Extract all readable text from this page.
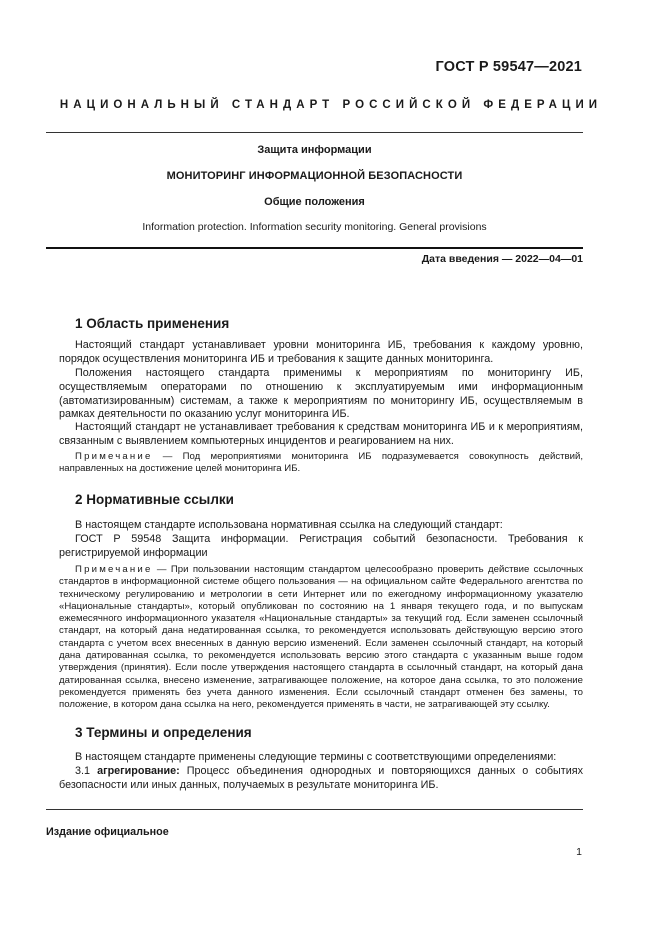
ГОСТ Р 59547—2021
НАЦИОНАЛЬНЫЙ СТАНДАРТ РОССИЙСКОЙ ФЕДЕРАЦИИ
Защита информации
МОНИТОРИНГ ИНФОРМАЦИОННОЙ БЕЗОПАСНОСТИ
Общие положения
Information protection. Information security monitoring. General provisions
Дата введения — 2022—04—01
1 Область применения

Настоящий стандарт устанавливает уровни мониторинга ИБ, требования к каждому уровню, порядок осуществления мониторинга ИБ и требования к защите данных мониторинга.

Положения настоящего стандарта применимы к мероприятиям по мониторингу ИБ, осуществляемым операторами по отношению к эксплуатируемым ими информационным (автоматизированным) системам, а также к мероприятиям по мониторингу ИБ, осуществляемым в рамках деятельности по оказанию услуг мониторинга ИБ.

Настоящий стандарт не устанавливает требования к средствам мониторинга ИБ и к мероприятиям, связанным с выявлением компьютерных инцидентов и реагированием на них.

Примечание — Под мероприятиями мониторинга ИБ подразумевается совокупность действий, направленных на достижение целей мониторинга ИБ.

2 Нормативные ссылки

В настоящем стандарте использована нормативная ссылка на следующий стандарт:

ГОСТ Р 59548 Защита информации. Регистрация событий безопасности. Требования к регистрируемой информации

Примечание — При пользовании настоящим стандартом целесообразно проверить действие ссылочных стандартов в информационной системе общего пользования — на официальном сайте Федерального агентства по техническому регулированию и метрологии в сети Интернет или по ежегодному информационному указателю «Национальные стандарты», который опубликован по состоянию на 1 января текущего года, и по выпускам ежемесячного информационного указателя «Национальные стандарты» за текущий год. Если заменен ссылочный стандарт, на который дана недатированная ссылка, то рекомендуется использовать действующую версию этого стандарта с учетом всех внесенных в данную версию изменений. Если заменен ссылочный стандарт, на который дана датированная ссылка, то рекомендуется использовать версию этого стандарта с указанным выше годом утверждения (принятия). Если после утверждения настоящего стандарта в ссылочный стандарт, на который дана датированная ссылка, внесено изменение, затрагивающее положение, на которое дана ссылка, то это положение рекомендуется применять без учета данного изменения. Если ссылочный стандарт отменен без замены, то положение, в котором дана ссылка на него, рекомендуется применять в части, не затрагивающей эту ссылку.

3 Термины и определения

В настоящем стандарте применены следующие термины с соответствующими определениями:

3.1 агрегирование: Процесс объединения однородных и повторяющихся данных о событиях безопасности или иных данных, получаемых в результате мониторинга ИБ.

Издание официальное
1
